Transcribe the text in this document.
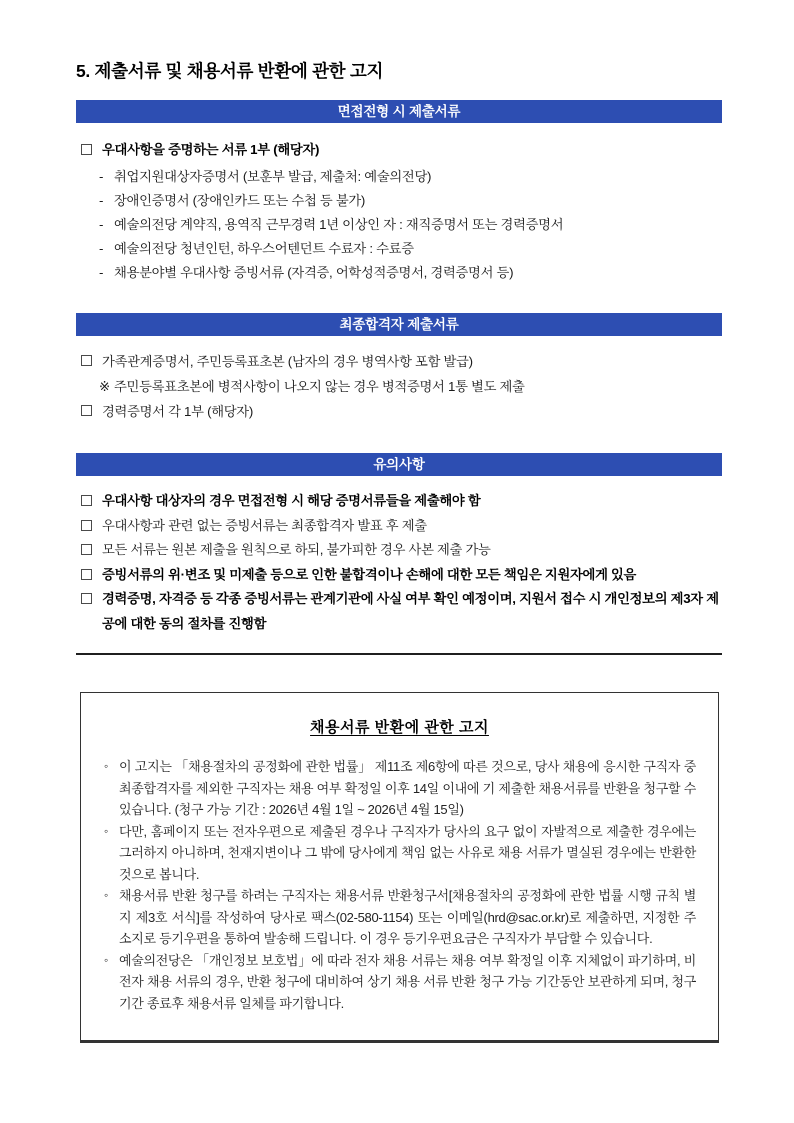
5. 제출서류 및 채용서류 반환에 관한 고지
면접전형 시 제출서류
우대사항을 증명하는 서류 1부 (해당자)
- 취업지원대상자증명서 (보훈부 발급, 제출처: 예술의전당)
- 장애인증명서 (장애인카드 또는 수첩 등 불가)
- 예술의전당 계약직, 용역직 근무경력 1년 이상인 자 : 재직증명서 또는 경력증명서
- 예술의전당 청년인턴, 하우스어텐던트 수료자 : 수료증
- 채용분야별 우대사항 증빙서류 (자격증, 어학성적증명서, 경력증명서 등)
최종합격자 제출서류
가족관계증명서, 주민등록표초본 (남자의 경우 병역사항 포함 발급)
※ 주민등록표초본에 병적사항이 나오지 않는 경우 병적증명서 1통 별도 제출
경력증명서 각 1부 (해당자)
유의사항
우대사항 대상자의 경우 면접전형 시 해당 증명서류들을 제출해야 함
우대사항과 관련 없는 증빙서류는 최종합격자 발표 후 제출
모든 서류는 원본 제출을 원칙으로 하되, 불가피한 경우 사본 제출 가능
증빙서류의 위·변조 및 미제출 등으로 인한 불합격이나 손해에 대한 모든 책임은 지원자에게 있음
경력증명, 자격증 등 각종 증빙서류는 관계기관에 사실 여부 확인 예정이며, 지원서 접수 시 개인정보의 제3자 제공에 대한 동의 절차를 진행함
채용서류 반환에 관한 고지
◦ 이 고지는 「채용절차의 공정화에 관한 법률」 제11조 제6항에 따른 것으로, 당사 채용에 응시한 구직자 중 최종합격자를 제외한 구직자는 채용 여부 확정일 이후 14일 이내에 기 제출한 채용서류를 반환을 청구할 수 있습니다. (청구 가능 기간 : 2026년 4월 1일 ~ 2026년 4월 15일)
◦ 다만, 홈페이지 또는 전자우편으로 제출된 경우나 구직자가 당사의 요구 없이 자발적으로 제출한 경우에는 그러하지 아니하며, 천재지변이나 그 밖에 당사에게 책임 없는 사유로 채용 서류가 멸실된 경우에는 반환한 것으로 봅니다.
◦ 채용서류 반환 청구를 하려는 구직자는 채용서류 반환청구서[채용절차의 공정화에 관한 법률 시행 규칙 별지 제3호 서식]를 작성하여 당사로 팩스(02-580-1154) 또는 이메일(hrd@sac.or.kr)로 제출하면, 지정한 주소지로 등기우편을 통하여 발송해 드립니다. 이 경우 등기우편요금은 구직자가 부담할 수 있습니다.
◦ 예술의전당은 「개인정보 보호법」에 따라 전자 채용 서류는 채용 여부 확정일 이후 지체없이 파기하며, 비전자 채용 서류의 경우, 반환 청구에 대비하여 상기 채용 서류 반환 청구 가능 기간동안 보관하게 되며, 청구 기간 종료후 채용서류 일체를 파기합니다.
